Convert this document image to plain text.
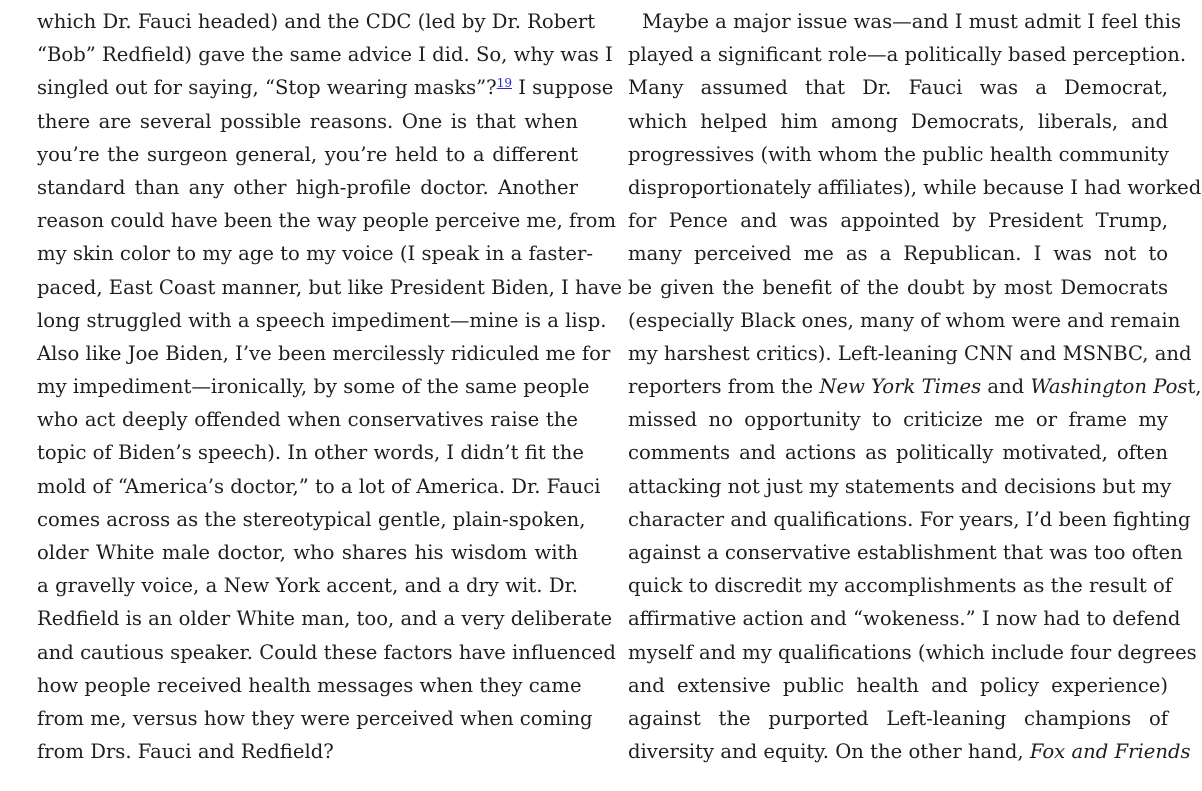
which Dr. Fauci headed) and the CDC (led by Dr. Robert
“Bob” Redfield) gave the same advice I did. So, why was I
singled out for saying, “Stop wearing masks”?$^{19}$ I suppose
there are several possible reasons. One is that when
you’re the surgeon general, you’re held to a different
standard than any other high-profile doctor. Another
reason could have been the way people perceive me, from
my skin color to my age to my voice (I speak in a faster-
paced, East Coast manner, but like President Biden, I have
long struggled with a speech impediment—mine is a lisp.
Also like Joe Biden, I’ve been mercilessly ridiculed me for
my impediment—ironically, by some of the same people
who act deeply offended when conservatives raise the
topic of Biden’s speech). In other words, I didn’t fit the
mold of “America’s doctor,” to a lot of America. Dr. Fauci
comes across as the stereotypical gentle, plain-spoken,
older White male doctor, who shares his wisdom with
a gravelly voice, a New York accent, and a dry wit. Dr.
Redfield is an older White man, too, and a very deliberate
and cautious speaker. Could these factors have influenced
how people received health messages when they came
from me, versus how they were perceived when coming
from Drs. Fauci and Redfield?
Maybe a major issue was—and I must admit I feel this
played a significant role—a politically based perception.
Many assumed that Dr. Fauci was a Democrat,
which helped him among Democrats, liberals, and
progressives (with whom the public health community
disproportionately affiliates), while because I had worked
for Pence and was appointed by President Trump,
many perceived me as a Republican. I was not to
be given the benefit of the doubt by most Democrats
(especially Black ones, many of whom were and remain
my harshest critics). Left-leaning CNN and MSNBC, and
reporters from the New York Times and Washington Post,
missed no opportunity to criticize me or frame my
comments and actions as politically motivated, often
attacking not just my statements and decisions but my
character and qualifications. For years, I’d been fighting
against a conservative establishment that was too often
quick to discredit my accomplishments as the result of
affirmative action and “wokeness.” I now had to defend
myself and my qualifications (which include four degrees
and extensive public health and policy experience)
against the purported Left-leaning champions of
diversity and equity. On the other hand, Fox and Friends
